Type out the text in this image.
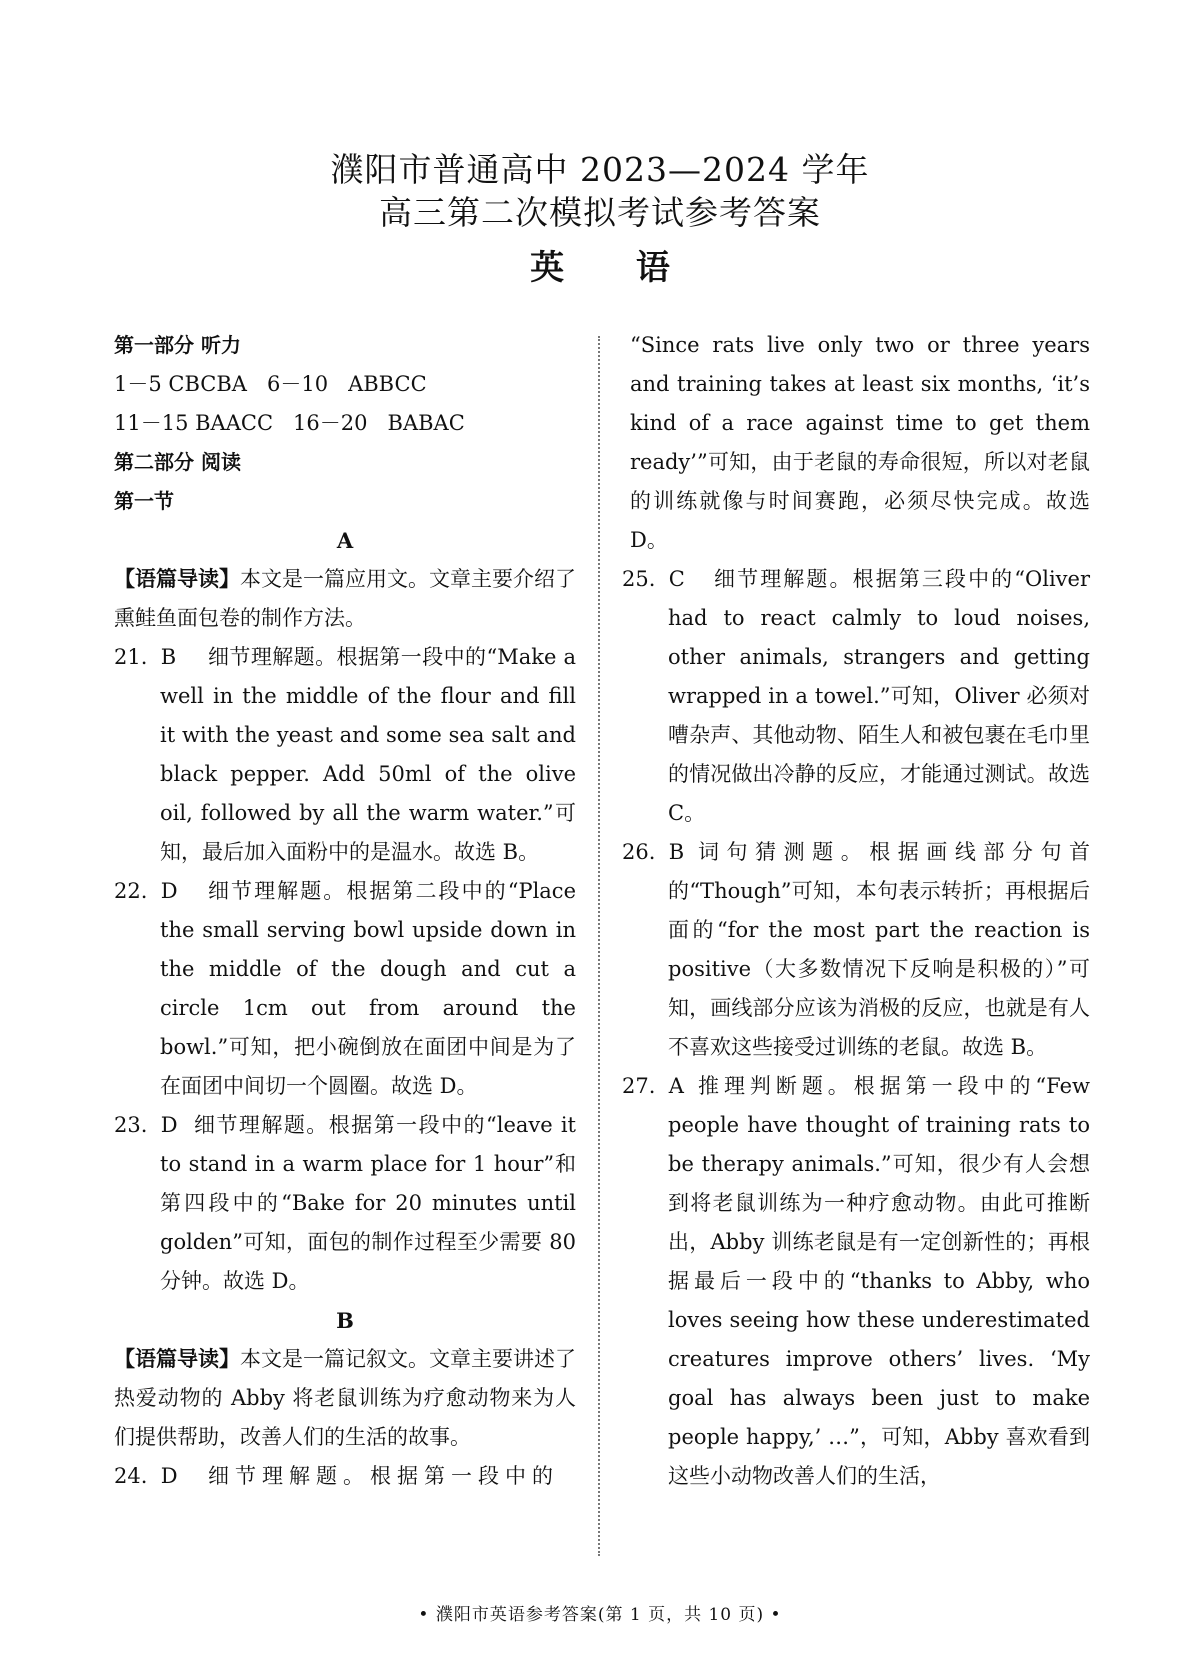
濮阳市普通高中 2023—2024 学年
高三第二次模拟考试参考答案
英 语
第一部分 听力
1－5 CBCBA   6－10   ABBCC
11－15 BAACC   16－20   BABAC
第二部分 阅读
第一节
A
【语篇导读】本文是一篇应用文。文章主要介绍了熏鲑鱼面包卷的制作方法。
21. B 细节理解题。根据第一段中的“Make a well in the middle of the flour and fill it with the yeast and some sea salt and black pepper. Add 50ml of the olive oil, followed by all the warm water.”可知，最后加入面粉中的是温水。故选 B。
22. D 细节理解题。根据第二段中的“Place the small serving bowl upside down in the middle of the dough and cut a circle 1cm out from around the bowl.”可知，把小碗倒放在面团中间是为了在面团中间切一个圆圈。故选 D。
23. D 细节理解题。根据第一段中的“leave it to stand in a warm place for 1 hour”和第四段中的“Bake for 20 minutes until golden”可知，面包的制作过程至少需要 80 分钟。故选 D。
B
【语篇导读】本文是一篇记叙文。文章主要讲述了热爱动物的 Abby 将老鼠训练为疗愈动物来为人们提供帮助，改善人们的生活的故事。
24. D 细节理解题。根据第一段中的
“Since rats live only two or three years and training takes at least six months, ‘it’s kind of a race against time to get them ready’”可知，由于老鼠的寿命很短，所以对老鼠的训练就像与时间赛跑，必须尽快完成。故选 D。
25. C 细节理解题。根据第三段中的“Oliver had to react calmly to loud noises, other animals, strangers and getting wrapped in a towel.”可知，Oliver 必须对嘈杂声、其他动物、陌生人和被包裹在毛巾里的情况做出冷静的反应，才能通过测试。故选 C。
26. B 词句猜测题。根据画线部分句首的“Though”可知，本句表示转折；再根据后面的“for the most part the reaction is positive（大多数情况下反响是积极的）”可知，画线部分应该为消极的反应，也就是有人不喜欢这些接受过训练的老鼠。故选 B。
27. A 推理判断题。根据第一段中的“Few people have thought of training rats to be therapy animals.”可知，很少有人会想到将老鼠训练为一种疗愈动物。由此可推断出，Abby 训练老鼠是有一定创新性的；再根据最后一段中的“thanks to Abby, who loves seeing how these underestimated creatures improve others’ lives. ‘My goal has always been just to make people happy,’ …”，可知，Abby 喜欢看到这些小动物改善人们的生活，
• 濮阳市英语参考答案(第 1 页，共 10 页) •
